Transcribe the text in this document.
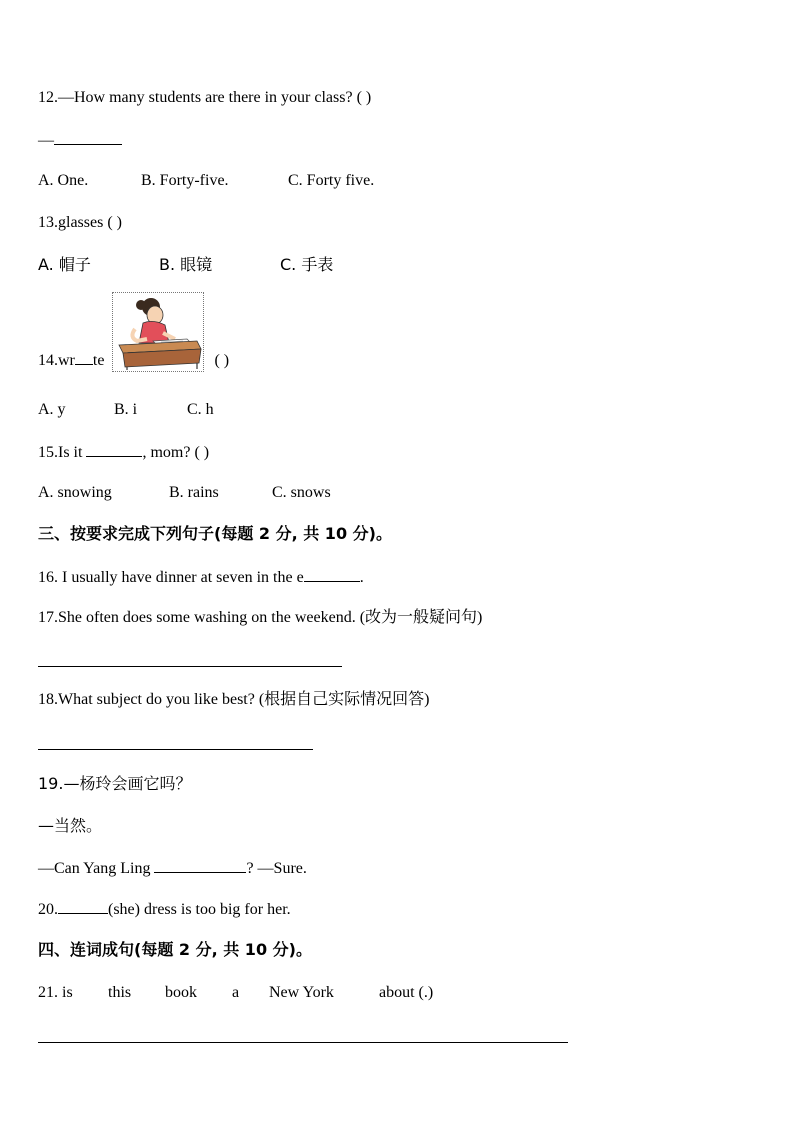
12.—How many students are there in your class? ( )
—
A. One.	B. Forty-five.	C. Forty five.
13.glasses ( )
A. 帽子	B. 眼镜	C. 手表
14.wr te	( )
A. y	B. i	C. h
15.Is it	, mom? ( )
A. snowing	B. rains	C. snows
三、按要求完成下列句子(每题 2 分, 共 10 分)。
16. I usually have dinner at seven in the e	.
17.She often does some washing on the weekend. (改为一般疑问句)
18.What subject do you like best? (根据自己实际情况回答)
19.—杨玲会画它吗？
—当然。
—Can Yang Ling	? —Sure.
20.	(she) dress is too big for her.
四、连词成句(每题 2 分, 共 10 分)。
21. is this book a New York	about (.)
